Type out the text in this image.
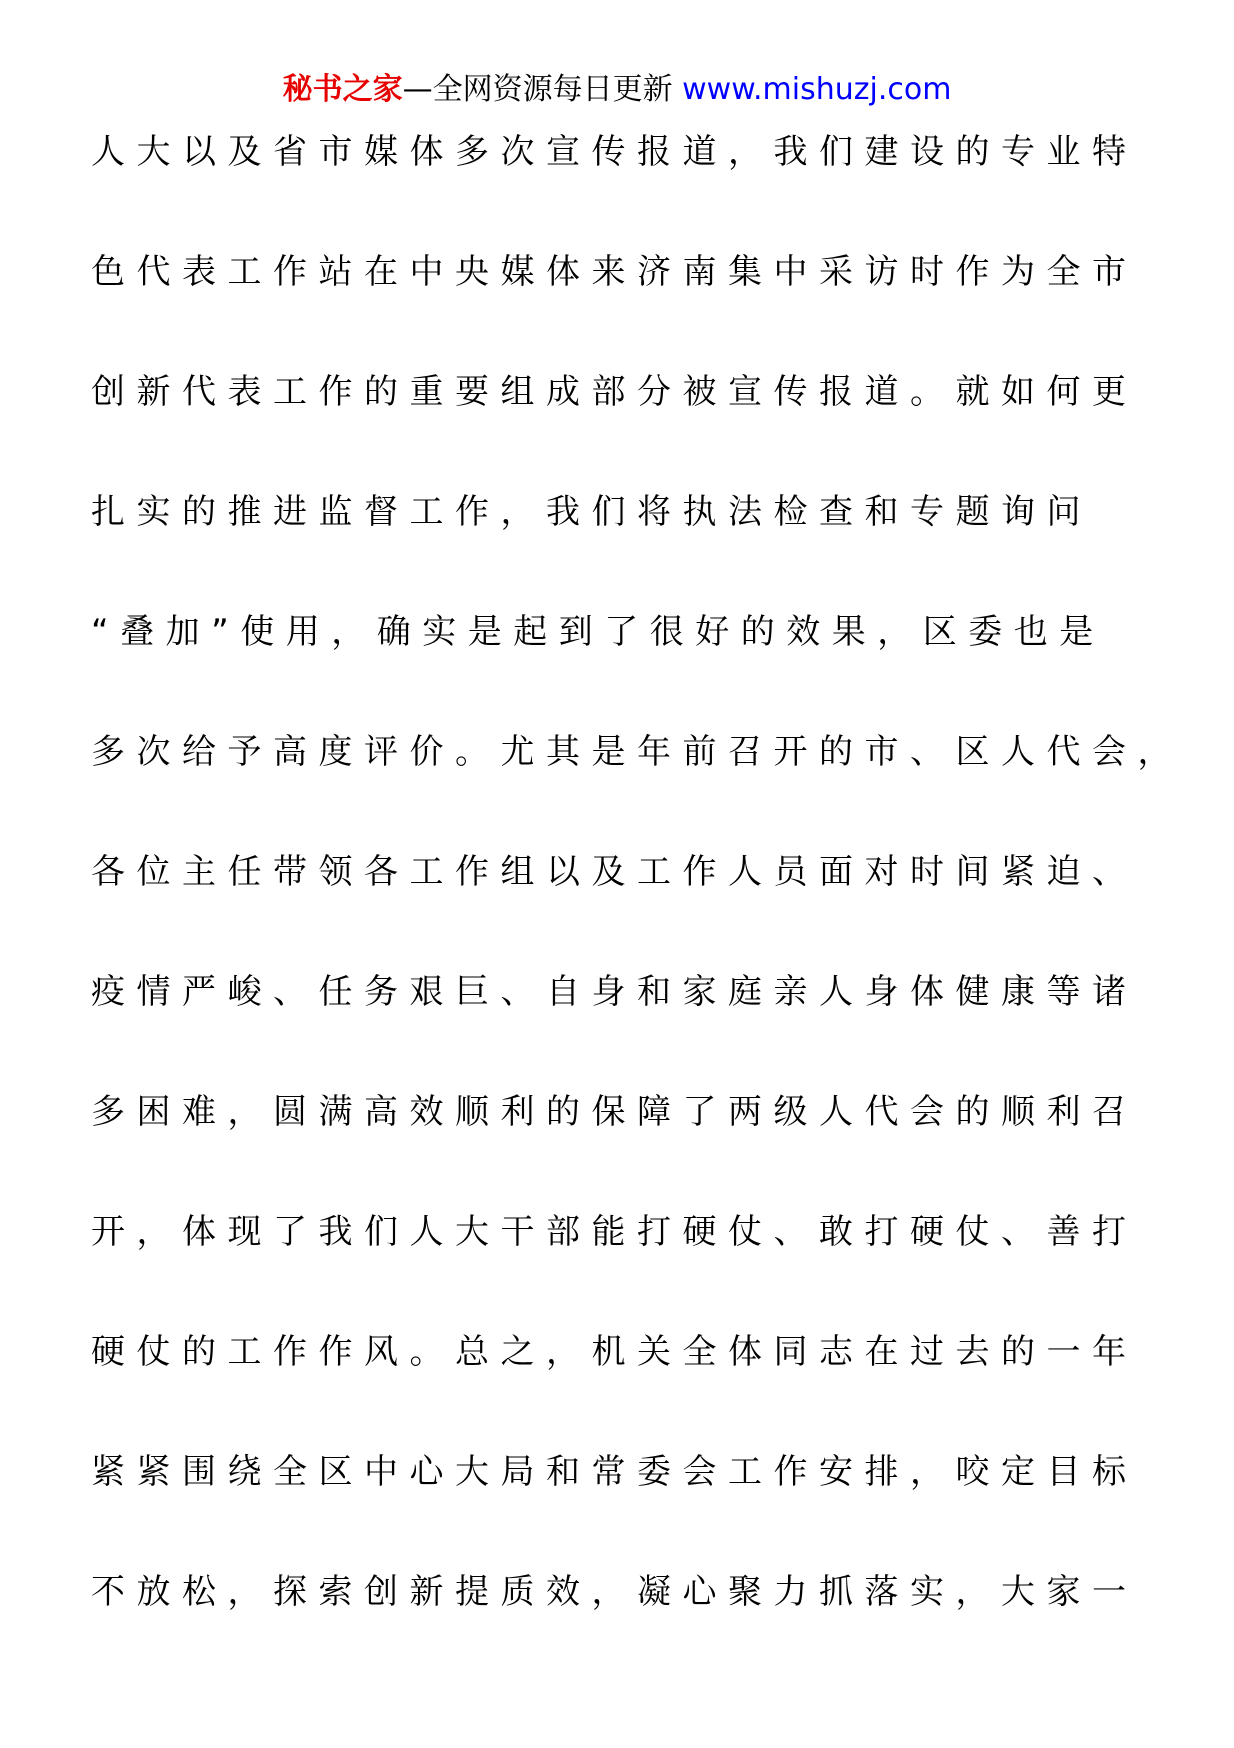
秘书之家—全网资源每日更新 www.mishuzj.com
人大以及省市媒体多次宣传报道，我们建设的专业特
色代表工作站在中央媒体来济南集中采访时作为全市
创新代表工作的重要组成部分被宣传报道。就如何更
扎实的推进监督工作，我们将执法检查和专题询问
“叠加”使用，确实是起到了很好的效果，区委也是
多次给予高度评价。尤其是年前召开的市、区人代会，
各位主任带领各工作组以及工作人员面对时间紧迫、
疫情严峻、任务艰巨、自身和家庭亲人身体健康等诸
多困难，圆满高效顺利的保障了两级人代会的顺利召
开，体现了我们人大干部能打硬仗、敢打硬仗、善打
硬仗的工作作风。总之，机关全体同志在过去的一年
紧紧围绕全区中心大局和常委会工作安排，咬定目标
不放松，探索创新提质效，凝心聚力抓落实，大家一
